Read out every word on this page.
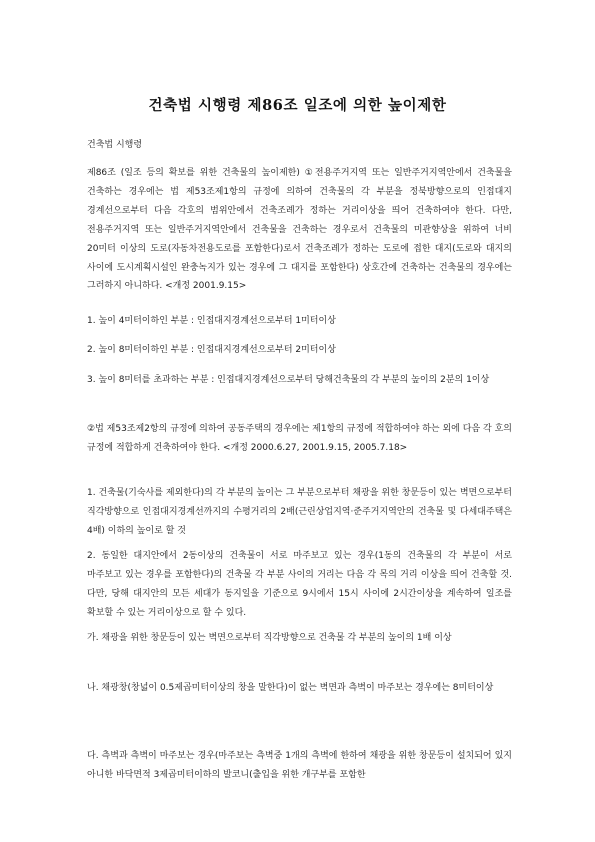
건축법 시행령 제86조 일조에 의한 높이제한
건축법 시행령

제86조 (일조 등의 확보를 위한 건축물의 높이제한) ①전용주거지역 또는 일반주거지역안에서 건축물을 건축하는 경우에는 법 제53조제1항의 규정에 의하여 건축물의 각 부분을 정북방향으로의 인접대지 경계선으로부터 다음 각호의 범위안에서 건축조례가 정하는 거리이상을 띄어 건축하여야 한다. 다만, 전용주거지역 또는 일반주거지역안에서 건축물을 건축하는 경우로서 건축물의 미관향상을 위하여 너비 20미터 이상의 도로(자동차전용도로를 포함한다)로서 건축조례가 정하는 도로에 접한 대지(도로와 대지의 사이에 도시계획시설인 완충녹지가 있는 경우에 그 대지를 포함한다) 상호간에 건축하는 건축물의 경우에는 그러하지 아니하다. <개정 2001.9.15>

1. 높이 4미터이하인 부분 : 인접대지경계선으로부터 1미터이상

2. 높이 8미터이하인 부분 : 인접대지경계선으로부터 2미터이상

3. 높이 8미터를 초과하는 부분 : 인접대지경계선으로부터 당해건축물의 각 부분의 높이의 2분의 1이상

②법 제53조제2항의 규정에 의하여 공동주택의 경우에는 제1항의 규정에 적합하여야 하는 외에 다음 각 호의 규정에 적합하게 건축하여야 한다. <개정 2000.6.27, 2001.9.15, 2005.7.18>

1. 건축물(기숙사를 제외한다)의 각 부분의 높이는 그 부분으로부터 채광을 위한 창문등이 있는 벽면으로부터 직각방향으로 인접대지경계선까지의 수평거리의 2배(근린상업지역·준주거지역안의 건축물 및 다세대주택은 4배) 이하의 높이로 할 것

2. 동일한 대지안에서 2동이상의 건축물이 서로 마주보고 있는 경우(1동의 건축물의 각 부분이 서로 마주보고 있는 경우를 포함한다)의 건축물 각 부분 사이의 거리는 다음 각 목의 거리 이상을 띄어 건축할 것. 다만, 당해 대지안의 모든 세대가 동지일을 기준으로 9시에서 15시 사이에 2시간이상을 계속하여 일조를 확보할 수 있는 거리이상으로 할 수 있다.

가. 채광을 위한 창문등이 있는 벽면으로부터 직각방향으로 건축물 각 부분의 높이의 1배 이상

나. 채광창(창넓이 0.5제곱미터이상의 창을 말한다)이 없는 벽면과 측벽이 마주보는 경우에는 8미터이상

다. 측벽과 측벽이 마주보는 경우(마주보는 측벽중 1개의 측벽에 한하여 채광을 위한 창문등이 설치되어 있지 아니한 바닥면적 3제곱미터이하의 발코니(출입을 위한 개구부를 포함한
